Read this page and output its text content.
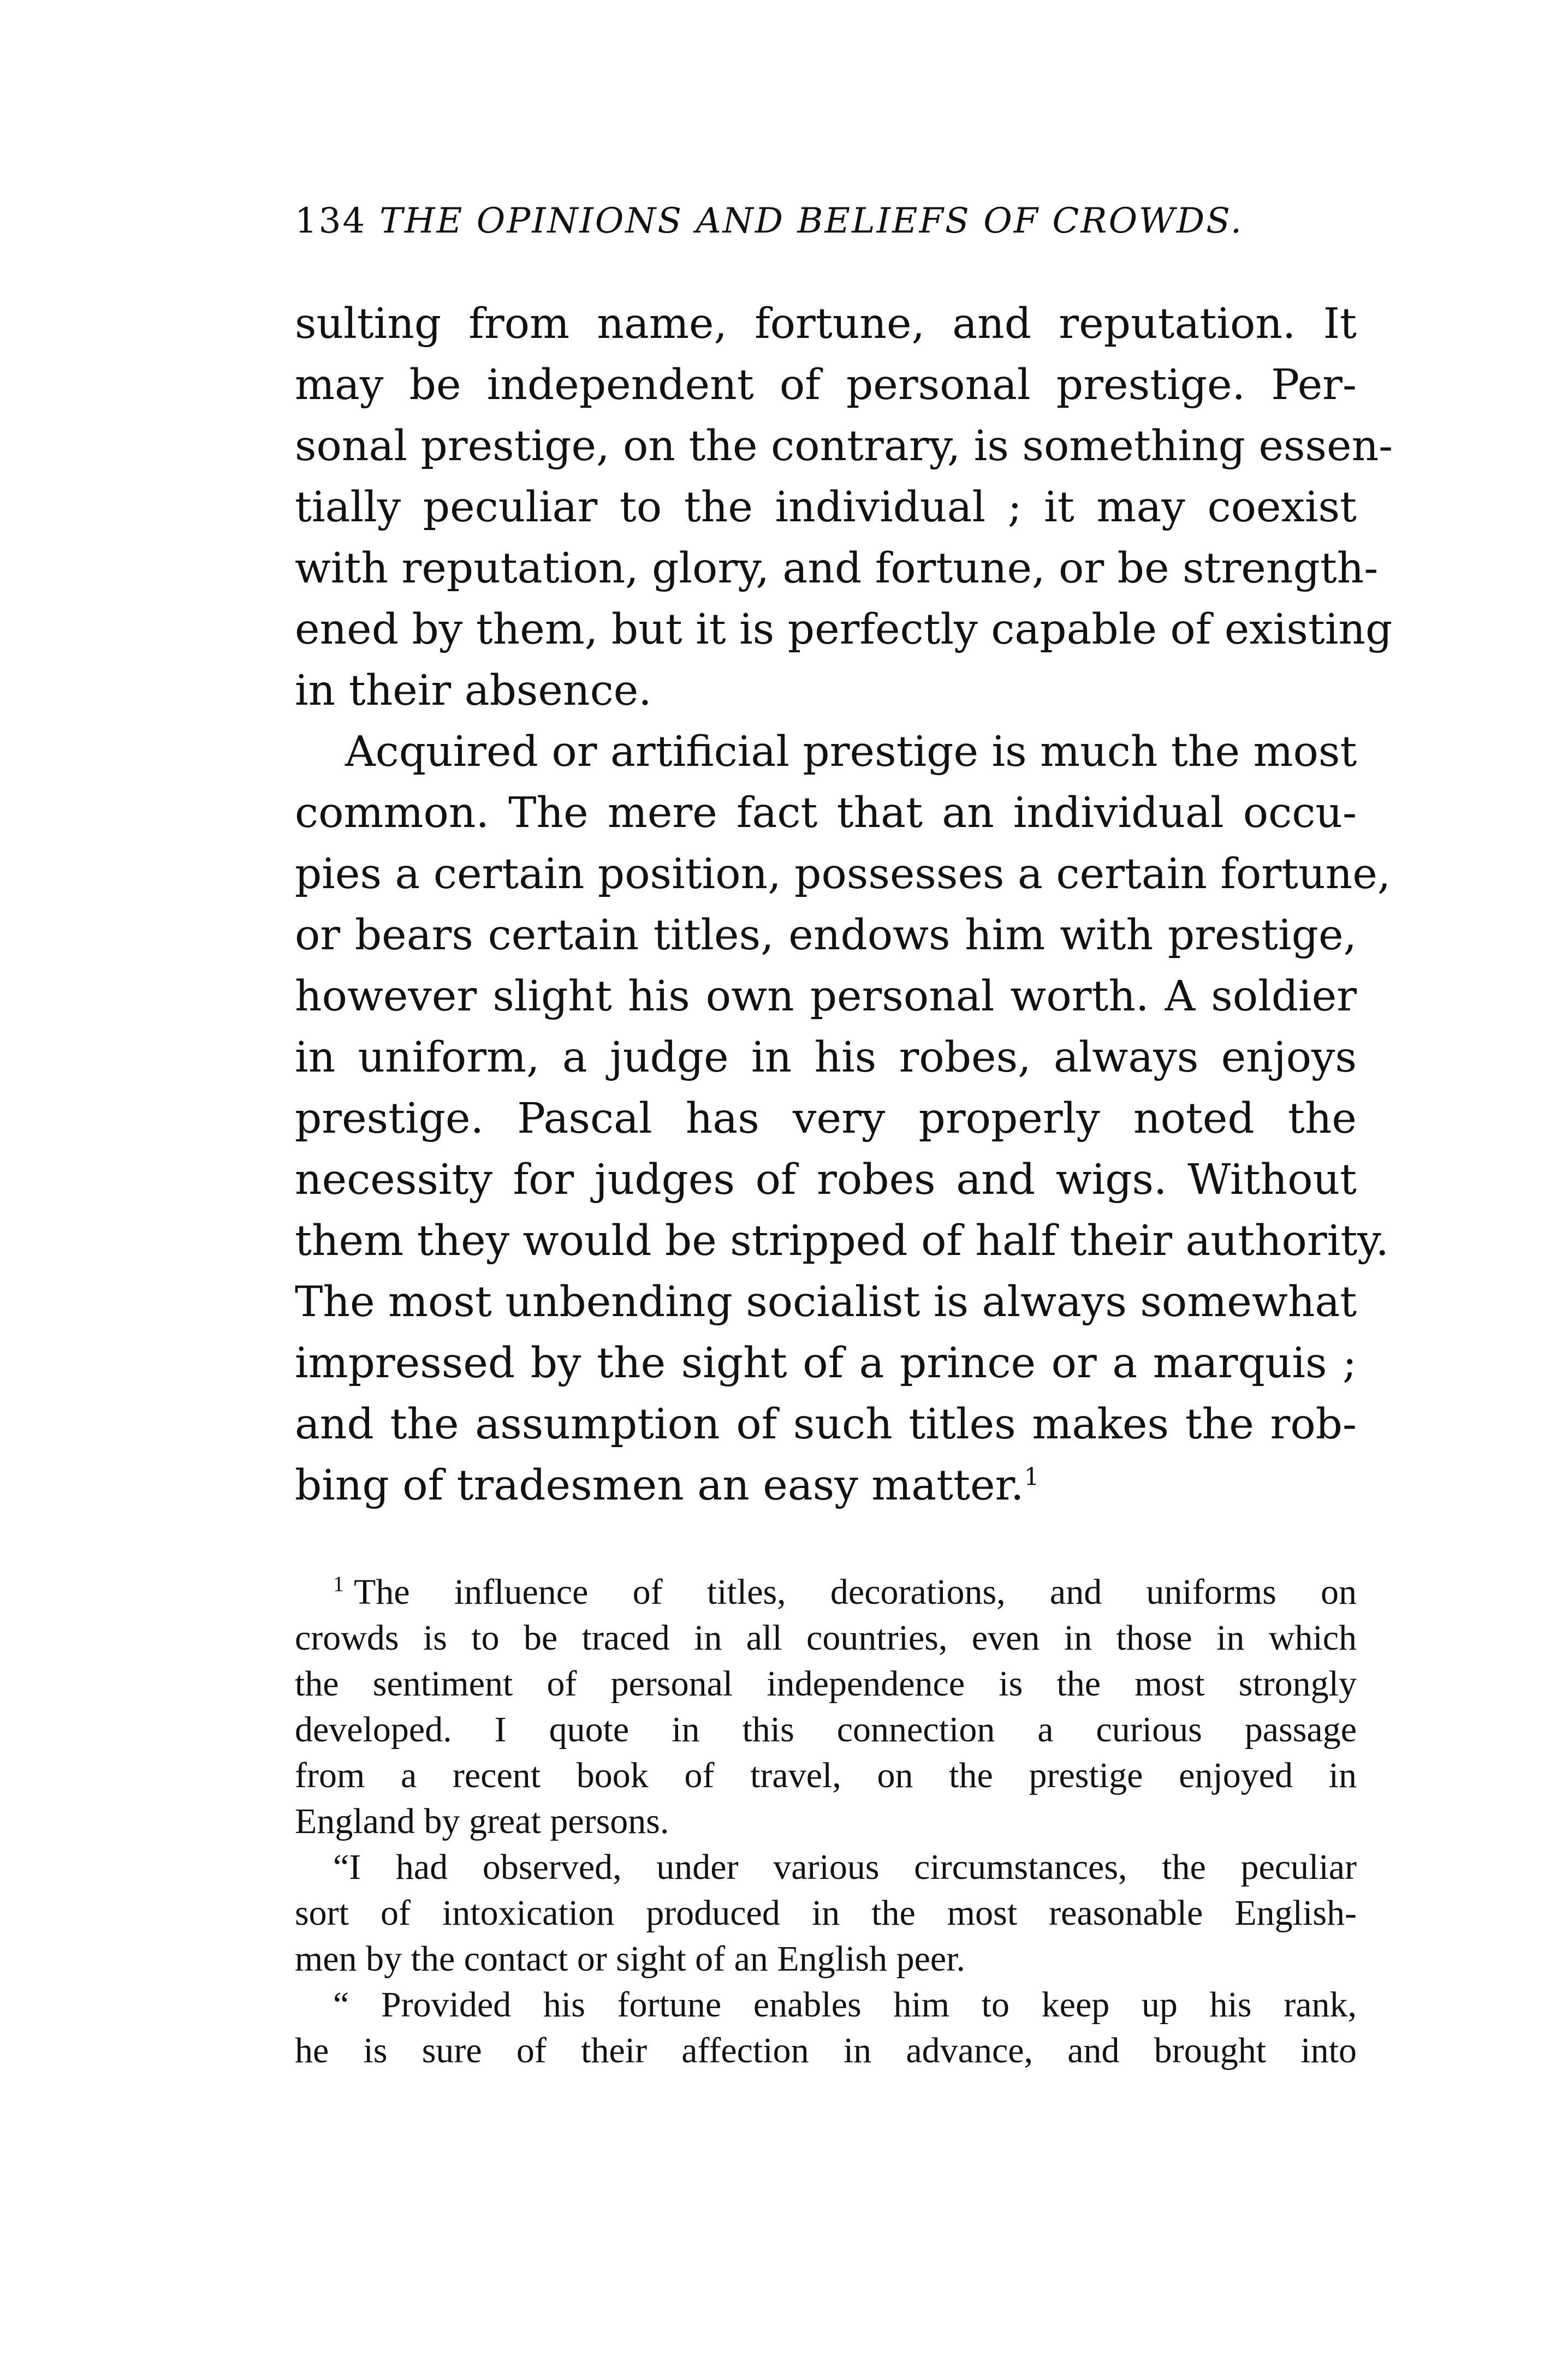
134 THE OPINIONS AND BELIEFS OF CROWDS.
sulting from name, fortune, and reputation. It
may be independent of personal prestige. Per-
sonal prestige, on the contrary, is something essen-
tially peculiar to the individual ; it may coexist
with reputation, glory, and fortune, or be strength-
ened by them, but it is perfectly capable of existing
in their absence.
Acquired or artificial prestige is much the most
common. The mere fact that an individual occu-
pies a certain position, possesses a certain fortune,
or bears certain titles, endows him with prestige,
however slight his own personal worth. A soldier
in uniform, a judge in his robes, always enjoys
prestige. Pascal has very properly noted the
necessity for judges of robes and wigs. Without
them they would be stripped of half their authority.
The most unbending socialist is always somewhat
impressed by the sight of a prince or a marquis ;
and the assumption of such titles makes the rob-
bing of tradesmen an easy matter.$^1$
$^1$ The influence of titles, decorations, and uniforms on
crowds is to be traced in all countries, even in those in which
the sentiment of personal independence is the most strongly
developed. I quote in this connection a curious passage
from a recent book of travel, on the prestige enjoyed in
England by great persons.
“I had observed, under various circumstances, the peculiar
sort of intoxication produced in the most reasonable English-
men by the contact or sight of an English peer.
“ Provided his fortune enables him to keep up his rank,
he is sure of their affection in advance, and brought into
